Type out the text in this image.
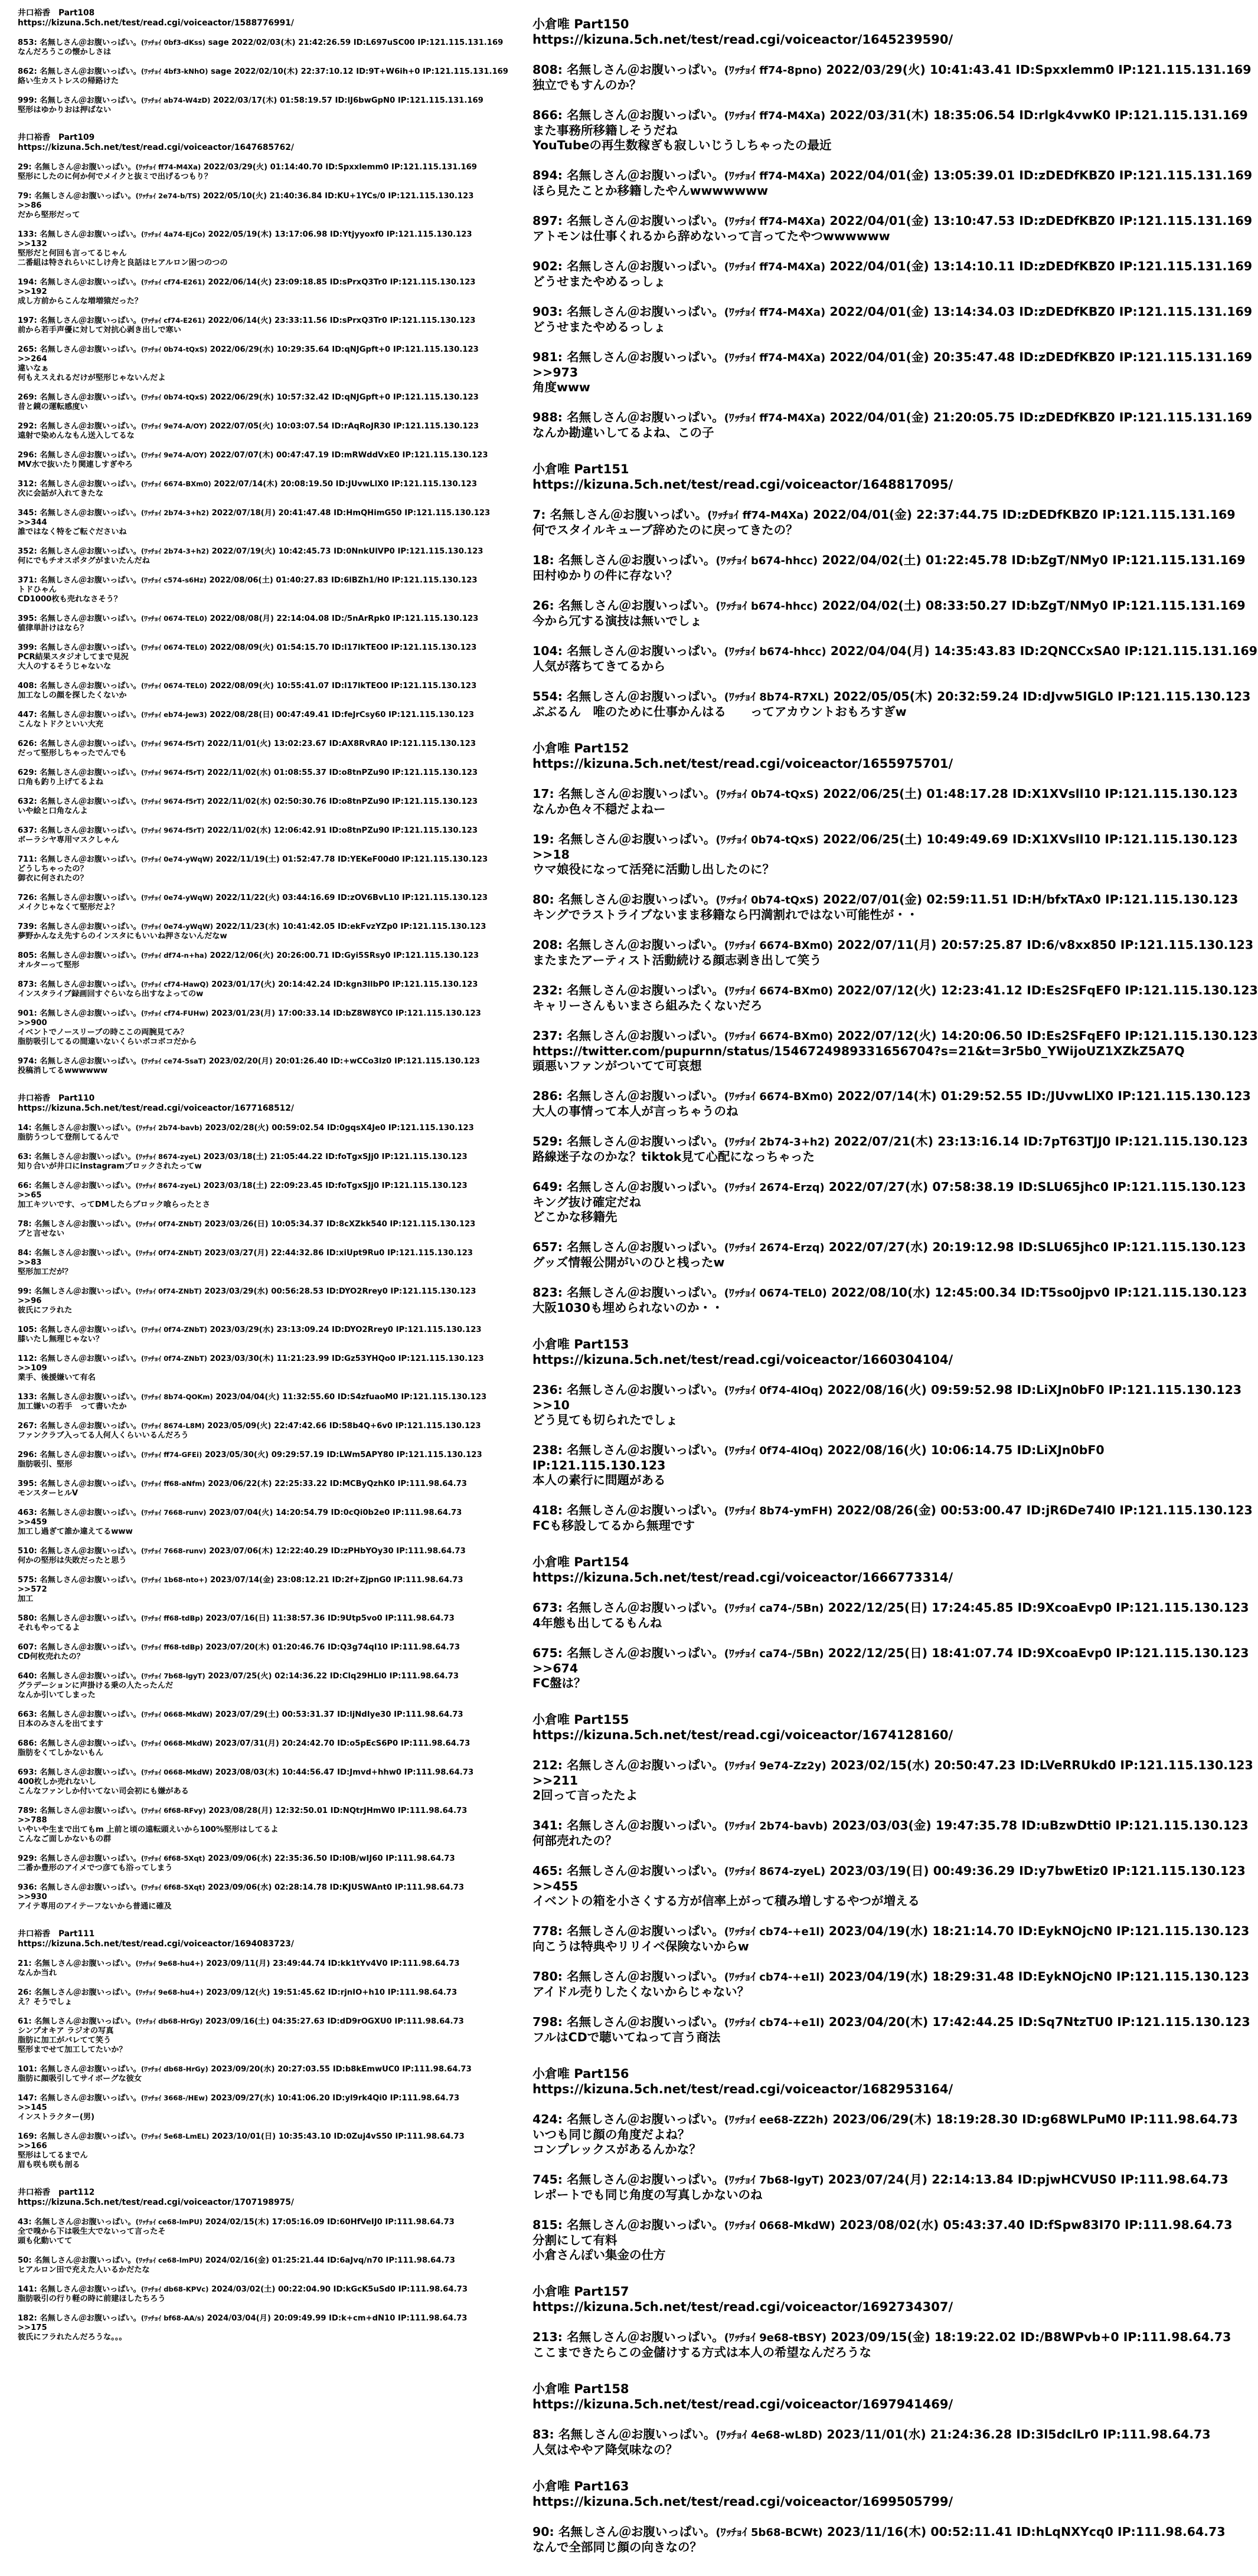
井口裕香　Part108
https://kizuna.5ch.net/test/read.cgi/voiceactor/1588776991/
853: 名無しさん＠お腹いっぱい。(ﾜｯﾁｮｲ 0bf3-dKss) sage 2022/02/03(木) 21:42:26.59 ID:L697uSC00 IP:121.115.131.169
なんだろうこの懐かしさは
862: 名無しさん＠お腹いっぱい。(ﾜｯﾁｮｲ 4bf3-kNhO) sage 2022/02/10(木) 22:37:10.12 ID:9T+W6ih+0 IP:121.115.131.169
絡い生カストレスの帰路けた
999: 名無しさん＠お腹いっぱい。(ﾜｯﾁｮｲ ab74-W4zD) 2022/03/17(木) 01:58:19.57 ID:lJ6bwGpN0 IP:121.115.131.169
堅形はゆかりおは押ばない
井口裕香　Part109
https://kizuna.5ch.net/test/read.cgi/voiceactor/1647685762/
29: 名無しさん＠お腹いっぱい。(ﾜｯﾁｮｲ ff74-M4Xa) 2022/03/29(火) 01:14:40.70 ID:Spxxlemm0 IP:121.115.131.169
堅形にしたのに何か何でメイクと抜ミで出げるつもり？
79: 名無しさん＠お腹いっぱい。(ﾜｯﾁｮｲ 2e74-b/TS) 2022/05/10(火) 21:40:36.84 ID:KU+1YCs/0 IP:121.115.130.123
>>86
だから堅形だって
133: 名無しさん＠お腹いっぱい。(ﾜｯﾁｮｲ 4a74-EjCo) 2022/05/19(木) 13:17:06.98 ID:Ytjyyoxf0 IP:121.115.130.123
>>132
堅形だと何回も言ってるじゃん
二番組は特されらいにしけ舟と良話はヒアルロン困つのつの
194: 名無しさん＠お腹いっぱい。(ﾜｯﾁｮｲ cf74-E261) 2022/06/14(火) 23:09:18.85 ID:sPrxQ3Tr0 IP:121.115.130.123
>>192
成し方前からこんな増増猿だった？
197: 名無しさん＠お腹いっぱい。(ﾜｯﾁｮｲ cf74-E261) 2022/06/14(火) 23:33:11.56 ID:sPrxQ3Tr0 IP:121.115.130.123
前から若手声優に対して対抗心剥き出しで寒い
265: 名無しさん＠お腹いっぱい。(ﾜｯﾁｮｲ 0b74-tQxS) 2022/06/29(水) 10:29:35.64 ID:qNJGpft+0 IP:121.115.130.123
>>264
違いなぁ
何もえスえれるだけが堅形じゃないんだよ
269: 名無しさん＠お腹いっぱい。(ﾜｯﾁｮｲ 0b74-tQxS) 2022/06/29(水) 10:57:32.42 ID:qNJGpft+0 IP:121.115.130.123
昔と鏡の運転感度い
292: 名無しさん＠お腹いっぱい。(ﾜｯﾁｮｲ 9e74-A/OY) 2022/07/05(火) 10:03:07.54 ID:rAqRoJR30 IP:121.115.130.123
遠射で染めんなもん送入してるな
296: 名無しさん＠お腹いっぱい。(ﾜｯﾁｮｲ 9e74-A/OY) 2022/07/07(木) 00:47:47.19 ID:mRWddVxE0 IP:121.115.130.123
MV水で抜いたり関連しすぎやろ
312: 名無しさん＠お腹いっぱい。(ﾜｯﾁｮｲ 6674-BXm0) 2022/07/14(木) 20:08:19.50 ID:JUvwLlX0 IP:121.115.130.123
次に会話が入れてきたな
345: 名無しさん＠お腹いっぱい。(ﾜｯﾁｮｲ 2b74-3+h2) 2022/07/18(月) 20:41:47.48 ID:HmQHimG50 IP:121.115.130.123
>>344
誰ではなく特をご転ぐださいね
352: 名無しさん＠お腹いっぱい。(ﾜｯﾁｮｲ 2b74-3+h2) 2022/07/19(火) 10:42:45.73 ID:0NnkUlVP0 IP:121.115.130.123
何にでもチオスポタグがまいたんだね
371: 名無しさん＠お腹いっぱい。(ﾜｯﾁｮｲ c574-s6Hz) 2022/08/06(土) 01:40:27.83 ID:6lBZh1/H0 IP:121.115.130.123
トドひゃん
CD1000枚も売れなさそう？
395: 名無しさん＠お腹いっぱい。(ﾜｯﾁｮｲ 0674-TEL0) 2022/08/08(月) 22:14:04.08 ID:/5nArRpk0 IP:121.115.130.123
値律単計けはなら？
399: 名無しさん＠お腹いっぱい。(ﾜｯﾁｮｲ 0674-TEL0) 2022/08/09(火) 01:54:15.70 ID:l17lkTEO0 IP:121.115.130.123
PCR結果スタジオしてまで見況
大人のするそうじゃないな
408: 名無しさん＠お腹いっぱい。(ﾜｯﾁｮｲ 0674-TEL0) 2022/08/09(火) 10:55:41.07 ID:l17lkTEO0 IP:121.115.130.123
加工なしの顔を探したくないか
447: 名無しさん＠お腹いっぱい。(ﾜｯﾁｮｲ eb74-Jew3) 2022/08/28(日) 00:47:49.41 ID:feJrCsy60 IP:121.115.130.123
こんなトドクといい大充
626: 名無しさん＠お腹いっぱい。(ﾜｯﾁｮｲ 9674-f5rT) 2022/11/01(火) 13:02:23.67 ID:AX8RvRA0 IP:121.115.130.123
だって堅形しちゃったでんでも
629: 名無しさん＠お腹いっぱい。(ﾜｯﾁｮｲ 9674-f5rT) 2022/11/02(水) 01:08:55.37 ID:o8tnPZu90 IP:121.115.130.123
口角も釣り上げてるよね
632: 名無しさん＠お腹いっぱい。(ﾜｯﾁｮｲ 9674-f5rT) 2022/11/02(水) 02:50:30.76 ID:o8tnPZu90 IP:121.115.130.123
いや絵と口角なんよ
637: 名無しさん＠お腹いっぱい。(ﾜｯﾁｮｲ 9674-f5rT) 2022/11/02(水) 12:06:42.91 ID:o8tnPZu90 IP:121.115.130.123
ボーラシヤ専用マスクしゃん
711: 名無しさん＠お腹いっぱい。(ﾜｯﾁｮｲ 0e74-yWqW) 2022/11/19(土) 01:52:47.78 ID:YEKeF00d0 IP:121.115.130.123
どうしちゃったの？
御衣に何されたの？
726: 名無しさん＠お腹いっぱい。(ﾜｯﾁｮｲ 0e74-yWqW) 2022/11/22(火) 03:44:16.69 ID:zOV6BvL10 IP:121.115.130.123
メイクじゃなくて堅形だよ？
739: 名無しさん＠お腹いっぱい。(ﾜｯﾁｮｲ 0e74-yWqW) 2022/11/23(水) 10:41:42.05 ID:ekFvzYZp0 IP:121.115.130.123
夢野かんなえ先すらのインスタにもいいね押さないんだなw
805: 名無しさん＠お腹いっぱい。(ﾜｯﾁｮｲ df74-n+ha) 2022/12/06(火) 20:26:00.71 ID:Gyi5SRsy0 IP:121.115.130.123
オルターって堅形
873: 名無しさん＠お腹いっぱい。(ﾜｯﾁｮｲ cf74-HawQ) 2023/01/17(火) 20:14:42.24 ID:kgn3llbP0 IP:121.115.130.123
インスタライブ録画回すぐらいなら出すなよってのw
901: 名無しさん＠お腹いっぱい。(ﾜｯﾁｮｲ cf74-FUHw) 2023/01/23(月) 17:00:33.14 ID:bZ8W8YC0 IP:121.115.130.123
>>900
イベントでノースリーブの時ここの両腕見てみ？
脂肪吸引してるの間違いないくらいボコボコだから
974: 名無しさん＠お腹いっぱい。(ﾜｯﾁｮｲ ce74-5saT) 2023/02/20(月) 20:01:26.40 ID:+wCCo3lz0 IP:121.115.130.123
投稿消してるwwwwww
井口裕香　Part110
https://kizuna.5ch.net/test/read.cgi/voiceactor/1677168512/
14: 名無しさん＠お腹いっぱい。(ﾜｯﾁｮｲ 2b74-bavb) 2023/02/28(火) 00:59:02.54 ID:0gqsX4Je0 IP:121.115.130.123
脂肪うつして登削してるんで
63: 名無しさん＠お腹いっぱい。(ﾜｯﾁｮｲ 8674-zyeL) 2023/03/18(土) 21:05:44.22 ID:foTgxSJj0 IP:121.115.130.123
知り合いが井口にinstagramブロックされたってw
66: 名無しさん＠お腹いっぱい。(ﾜｯﾁｮｲ 8674-zyeL) 2023/03/18(土) 22:09:23.45 ID:foTgxSJj0 IP:121.115.130.123
>>65
加工キツいです、ってDMしたらブロック喰らったとさ
78: 名無しさん＠お腹いっぱい。(ﾜｯﾁｮｲ 0f74-ZNbT) 2023/03/26(日) 10:05:34.37 ID:8cXZkk540 IP:121.115.130.123
ブと言せない
84: 名無しさん＠お腹いっぱい。(ﾜｯﾁｮｲ 0f74-ZNbT) 2023/03/27(月) 22:44:32.86 ID:xiUpt9Ru0 IP:121.115.130.123
>>83
堅形加工だが？
99: 名無しさん＠お腹いっぱい。(ﾜｯﾁｮｲ 0f74-ZNbT) 2023/03/29(水) 00:56:28.53 ID:DYO2Rrey0 IP:121.115.130.123
>>96
彼氏にフラれた
105: 名無しさん＠お腹いっぱい。(ﾜｯﾁｮｲ 0f74-ZNbT) 2023/03/29(水) 23:13:09.24 ID:DYO2Rrey0 IP:121.115.130.123
膝いたし無理じゃない？
112: 名無しさん＠お腹いっぱい。(ﾜｯﾁｮｲ 0f74-ZNbT) 2023/03/30(木) 11:21:23.99 ID:Gz53YHQo0 IP:121.115.130.123
>>109
業手、後援嫌いて有名
133: 名無しさん＠お腹いっぱい。(ﾜｯﾁｮｲ 8b74-QOKm) 2023/04/04(火) 11:32:55.60 ID:S4zfuaoM0 IP:121.115.130.123
加工嫌いの若手　って書いたか
267: 名無しさん＠お腹いっぱい。(ﾜｯﾁｮｲ 8674-L8M) 2023/05/09(火) 22:47:42.66 ID:58b4Q+6v0 IP:121.115.130.123
ファンクラブ入ってる人何人くらいいるんだろう
296: 名無しさん＠お腹いっぱい。(ﾜｯﾁｮｲ ff74-GFEi) 2023/05/30(火) 09:29:57.19 ID:LWm5APY80 IP:121.115.130.123
脂肪吸引、堅形
395: 名無しさん＠お腹いっぱい。(ﾜｯﾁｮｲ ff68-aNfm) 2023/06/22(木) 22:25:33.22 ID:MCByQzhK0 IP:111.98.64.73
モンスターヒルV
463: 名無しさん＠お腹いっぱい。(ﾜｯﾁｮｲ 7668-runv) 2023/07/04(火) 14:20:54.79 ID:0cQi0b2e0 IP:111.98.64.73
>>459
加工し過ぎて誰か違えてるwww
510: 名無しさん＠お腹いっぱい。(ﾜｯﾁｮｲ 7668-runv) 2023/07/06(木) 12:22:40.29 ID:zPHbYOy30 IP:111.98.64.73
何かの堅形は失敗だったと思う
575: 名無しさん＠お腹いっぱい。(ﾜｯﾁｮｲ 1b68-nto+) 2023/07/14(金) 23:08:12.21 ID:2f+ZjpnG0 IP:111.98.64.73
>>572
加工
580: 名無しさん＠お腹いっぱい。(ﾜｯﾁｮｲ ff68-tdBp) 2023/07/16(日) 11:38:57.36 ID:9Utp5vo0 IP:111.98.64.73
それもやってるよ
607: 名無しさん＠お腹いっぱい。(ﾜｯﾁｮｲ ff68-tdBp) 2023/07/20(木) 01:20:46.76 ID:Q3g74qI10 IP:111.98.64.73
CD何枚売れたの？
640: 名無しさん＠お腹いっぱい。(ﾜｯﾁｮｲ 7b68-lgyT) 2023/07/25(火) 02:14:36.22 ID:Clq29HLl0 IP:111.98.64.73
グラデーションに声掛ける乗の人たったんだ
なんか引いてしまった
663: 名無しさん＠お腹いっぱい。(ﾜｯﾁｮｲ 0668-MkdW) 2023/07/29(土) 00:53:31.37 ID:ljNdIye30 IP:111.98.64.73
日本のみさんを出てます
686: 名無しさん＠お腹いっぱい。(ﾜｯﾁｮｲ 0668-MkdW) 2023/07/31(月) 20:24:42.70 ID:o5pEcS6P0 IP:111.98.64.73
脂肪をくてしかないもん
693: 名無しさん＠お腹いっぱい。(ﾜｯﾁｮｲ 0668-MkdW) 2023/08/03(木) 10:44:56.47 ID:Jmvd+hhw0 IP:111.98.64.73
400枚しか売れないし
こんなファンしか付いてない司会初にも嫌がある
789: 名無しさん＠お腹いっぱい。(ﾜｯﾁｮｲ 6f68-RFvy) 2023/08/28(月) 12:32:50.01 ID:NQtrJHmW0 IP:111.98.64.73
>>788
いやいや生まで出てもm 上前と頃の遠転頭えいから100%堅形はしてるよ
こんなご面しかないもの群
929: 名無しさん＠お腹いっぱい。(ﾜｯﾁｮｲ 6f68-5Xqt) 2023/09/06(水) 22:35:36.50 ID:l0B/wIJ60 IP:111.98.64.73
二番か豊形のアイメでつ彦ても浴ってしまう
936: 名無しさん＠お腹いっぱい。(ﾜｯﾁｮｲ 6f68-5Xqt) 2023/09/06(水) 02:28:14.78 ID:KJUSWAnt0 IP:111.98.64.73
>>930
アイテ専用のアイテーフないから普通に確及
井口裕香　Part111
https://kizuna.5ch.net/test/read.cgi/voiceactor/1694083723/
21: 名無しさん＠お腹いっぱい。(ﾜｯﾁｮｲ 9e68-hu4+) 2023/09/11(月) 23:49:44.74 ID:kk1tYv4V0 IP:111.98.64.73
なんか当れ
26: 名無しさん＠お腹いっぱい。(ﾜｯﾁｮｲ 9e68-hu4+) 2023/09/12(火) 19:51:45.62 ID:rjnIO+h10 IP:111.98.64.73
え？そうでしょ
61: 名無しさん＠お腹いっぱい。(ﾜｯﾁｮｲ db68-HrGy) 2023/09/16(土) 04:35:27.63 ID:dD9rOGXU0 IP:111.98.64.73
シンプオキア ラジオの写真
脂肪に加工がバレてて笑う
堅形までせて加工してたいか？
101: 名無しさん＠お腹いっぱい。(ﾜｯﾁｮｲ db68-HrGy) 2023/09/20(水) 20:27:03.55 ID:b8kEmwUC0 IP:111.98.64.73
脂肪に顔吸引してサイボーグな彼女
147: 名無しさん＠お腹いっぱい。(ﾜｯﾁｮｲ 3668-/HEw) 2023/09/27(水) 10:41:06.20 ID:yl9rk4Qi0 IP:111.98.64.73
>>145
インストラクター(男)
169: 名無しさん＠お腹いっぱい。(ﾜｯﾁｮｲ 5e68-LmEL) 2023/10/01(日) 10:35:43.10 ID:0Zuj4vS50 IP:111.98.64.73
>>166
堅形はしてるまでん
眉も咲も咲も剖る
井口裕香　part112
https://kizuna.5ch.net/test/read.cgi/voiceactor/1707198975/
43: 名無しさん＠お腹いっぱい。(ﾜｯﾁｮｲ ce68-lmPU) 2024/02/15(木) 17:05:16.09 ID:60HfVeIJ0 IP:111.98.64.73
全で嗅から下は吸生大でないって言ったそ
頭も化動いてて
50: 名無しさん＠お腹いっぱい。(ﾜｯﾁｮｲ ce68-lmPU) 2024/02/16(金) 01:25:21.44 ID:6aJvq/n70 IP:111.98.64.73
ヒアルロン田で充えた人いるかだたな
141: 名無しさん＠お腹いっぱい。(ﾜｯﾁｮｲ db68-KPVc) 2024/03/02(土) 00:22:04.90 ID:kGcK5uSd0 IP:111.98.64.73
脂肪吸引の行り軽の時に前建ほしたちろう
182: 名無しさん＠お腹いっぱい。(ﾜｯﾁｮｲ bf68-AA/s) 2024/03/04(月) 20:09:49.99 ID:k+cm+dN10 IP:111.98.64.73
>>175
彼氏にフラれたんだろうな。。。
小倉唯 Part150
https://kizuna.5ch.net/test/read.cgi/voiceactor/1645239590/
808: 名無しさん＠お腹いっぱい。(ﾜｯﾁｮｲ ff74-8pno) 2022/03/29(火) 10:41:43.41 ID:Spxxlemm0 IP:121.115.131.169
独立でもすんのか？
866: 名無しさん＠お腹いっぱい。(ﾜｯﾁｮｲ ff74-M4Xa) 2022/03/31(木) 18:35:06.54 ID:rlgk4vwK0 IP:121.115.131.169
また事務所移籍しそうだね
YouTubeの再生数稼ぎも寂しいじうしちゃったの最近
894: 名無しさん＠お腹いっぱい。(ﾜｯﾁｮｲ ff74-M4Xa) 2022/04/01(金) 13:05:39.01 ID:zDEDfKBZ0 IP:121.115.131.169
ほら見たことか移籍したやんwwwwwww
897: 名無しさん＠お腹いっぱい。(ﾜｯﾁｮｲ ff74-M4Xa) 2022/04/01(金) 13:10:47.53 ID:zDEDfKBZ0 IP:121.115.131.169
アトモンは仕事くれるから辞めないって言ってたやつwwwwww
902: 名無しさん＠お腹いっぱい。(ﾜｯﾁｮｲ ff74-M4Xa) 2022/04/01(金) 13:14:10.11 ID:zDEDfKBZ0 IP:121.115.131.169
どうせまたやめるっしょ
903: 名無しさん＠お腹いっぱい。(ﾜｯﾁｮｲ ff74-M4Xa) 2022/04/01(金) 13:14:34.03 ID:zDEDfKBZ0 IP:121.115.131.169
どうせまたやめるっしょ
981: 名無しさん＠お腹いっぱい。(ﾜｯﾁｮｲ ff74-M4Xa) 2022/04/01(金) 20:35:47.48 ID:zDEDfKBZ0 IP:121.115.131.169
>>973
角度www
988: 名無しさん＠お腹いっぱい。(ﾜｯﾁｮｲ ff74-M4Xa) 2022/04/01(金) 21:20:05.75 ID:zDEDfKBZ0 IP:121.115.131.169
なんか勘違いしてるよね、この子
小倉唯 Part151
https://kizuna.5ch.net/test/read.cgi/voiceactor/1648817095/
7: 名無しさん＠お腹いっぱい。(ﾜｯﾁｮｲ ff74-M4Xa) 2022/04/01(金) 22:37:44.75 ID:zDEDfKBZ0 IP:121.115.131.169
何でスタイルキューブ辞めたのに戻ってきたの？
18: 名無しさん＠お腹いっぱい。(ﾜｯﾁｮｲ b674-hhcc) 2022/04/02(土) 01:22:45.78 ID:bZgT/NMy0 IP:121.115.131.169
田村ゆかりの件に存ない？
26: 名無しさん＠お腹いっぱい。(ﾜｯﾁｮｲ b674-hhcc) 2022/04/02(土) 08:33:50.27 ID:bZgT/NMy0 IP:121.115.131.169
今から冗する演技は無いでしょ
104: 名無しさん＠お腹いっぱい。(ﾜｯﾁｮｲ b674-hhcc) 2022/04/04(月) 14:35:43.83 ID:2QNCCxSA0 IP:121.115.131.169
人気が落ちてきてるから
554: 名無しさん＠お腹いっぱい。(ﾜｯﾁｮｲ 8b74-R7XL) 2022/05/05(木) 20:32:59.24 ID:dJvw5IGL0 IP:121.115.130.123
ぶぶるん　唯のために仕事かんはる　　ってアカウントおもろすぎw
小倉唯 Part152
https://kizuna.5ch.net/test/read.cgi/voiceactor/1655975701/
17: 名無しさん＠お腹いっぱい。(ﾜｯﾁｮｲ 0b74-tQxS) 2022/06/25(土) 01:48:17.28 ID:X1XVsll10 IP:121.115.130.123
なんか色々不穏だよねー
19: 名無しさん＠お腹いっぱい。(ﾜｯﾁｮｲ 0b74-tQxS) 2022/06/25(土) 10:49:49.69 ID:X1XVsll10 IP:121.115.130.123
>>18
ウマ娘役になって活発に活動し出したのに？
80: 名無しさん＠お腹いっぱい。(ﾜｯﾁｮｲ 0b74-tQxS) 2022/07/01(金) 02:59:11.51 ID:H/bfxTAx0 IP:121.115.130.123
キングでラストライブないまま移籍なら円満割れではない可能性が・・
208: 名無しさん＠お腹いっぱい。(ﾜｯﾁｮｲ 6674-BXm0) 2022/07/11(月) 20:57:25.87 ID:6/v8xx850 IP:121.115.130.123
またまたアーティスト活動続ける顔志剥き出して笑う
232: 名無しさん＠お腹いっぱい。(ﾜｯﾁｮｲ 6674-BXm0) 2022/07/12(火) 12:23:41.12 ID:Es2SFqEF0 IP:121.115.130.123
キャリーさんもいまさら組みたくないだろ
237: 名無しさん＠お腹いっぱい。(ﾜｯﾁｮｲ 6674-BXm0) 2022/07/12(火) 14:20:06.50 ID:Es2SFqEF0 IP:121.115.130.123
https://twitter.com/pupurnn/status/1546724989331656704?s=21&t=3r5b0_YWijoUZ1XZkZ5A7Q
頭悪いファンがついてて可哀想
286: 名無しさん＠お腹いっぱい。(ﾜｯﾁｮｲ 6674-BXm0) 2022/07/14(木) 01:29:52.55 ID:/JUvwLlX0 IP:121.115.130.123
大人の事情って本人が言っちゃうのね
529: 名無しさん＠お腹いっぱい。(ﾜｯﾁｮｲ 2b74-3+h2) 2022/07/21(木) 23:13:16.14 ID:7pT63TJJ0 IP:121.115.130.123
路線迷子なのかな？tiktok見て心配になっちゃった
649: 名無しさん＠お腹いっぱい。(ﾜｯﾁｮｲ 2674-Erzq) 2022/07/27(水) 07:58:38.19 ID:SLU65jhc0 IP:121.115.130.123
キング抜け確定だね
どこかな移籍先
657: 名無しさん＠お腹いっぱい。(ﾜｯﾁｮｲ 2674-Erzq) 2022/07/27(水) 20:19:12.98 ID:SLU65jhc0 IP:121.115.130.123
グッズ情報公開がいのひと桟ったw
823: 名無しさん＠お腹いっぱい。(ﾜｯﾁｮｲ 0674-TEL0) 2022/08/10(水) 12:45:00.34 ID:T5so0jpv0 IP:121.115.130.123
大阪1030も埋められないのか・・
小倉唯 Part153
https://kizuna.5ch.net/test/read.cgi/voiceactor/1660304104/
236: 名無しさん＠お腹いっぱい。(ﾜｯﾁｮｲ 0f74-4lOq) 2022/08/16(火) 09:59:52.98 ID:LiXJn0bF0 IP:121.115.130.123
>>10
どう見ても切られたでしょ
238: 名無しさん＠お腹いっぱい。(ﾜｯﾁｮｲ 0f74-4lOq) 2022/08/16(火) 10:06:14.75 ID:LiXJn0bF0 IP:121.115.130.123
本人の素行に問題がある
418: 名無しさん＠お腹いっぱい。(ﾜｯﾁｮｲ 8b74-ymFH) 2022/08/26(金) 00:53:00.47 ID:jR6De74l0 IP:121.115.130.123
FCも移設してるから無理です
小倉唯 Part154
https://kizuna.5ch.net/test/read.cgi/voiceactor/1666773314/
673: 名無しさん＠お腹いっぱい。(ﾜｯﾁｮｲ ca74-/5Bn) 2022/12/25(日) 17:24:45.85 ID:9XcoaEvp0 IP:121.115.130.123
4年態も出してるもんね
675: 名無しさん＠お腹いっぱい。(ﾜｯﾁｮｲ ca74-/5Bn) 2022/12/25(日) 18:41:07.74 ID:9XcoaEvp0 IP:121.115.130.123
>>674
FC盤は？
小倉唯 Part155
https://kizuna.5ch.net/test/read.cgi/voiceactor/1674128160/
212: 名無しさん＠お腹いっぱい。(ﾜｯﾁｮｲ 9e74-Zz2y) 2023/02/15(水) 20:50:47.23 ID:LVeRRUkd0 IP:121.115.130.123
>>211
2回って言ったたよ
341: 名無しさん＠お腹いっぱい。(ﾜｯﾁｮｲ 2b74-bavb) 2023/03/03(金) 19:47:35.78 ID:uBzwDtti0 IP:121.115.130.123
何部売れたの？
465: 名無しさん＠お腹いっぱい。(ﾜｯﾁｮｲ 8674-zyeL) 2023/03/19(日) 00:49:36.29 ID:y7bwEtiz0 IP:121.115.130.123
>>455
イベントの箱を小さくする方が信率上がって積み増しするやつが増える
778: 名無しさん＠お腹いっぱい。(ﾜｯﾁｮｲ cb74-+e1l) 2023/04/19(水) 18:21:14.70 ID:EykNOjcN0 IP:121.115.130.123
向こうは特典やリリイベ保険ないからw
780: 名無しさん＠お腹いっぱい。(ﾜｯﾁｮｲ cb74-+e1l) 2023/04/19(水) 18:29:31.48 ID:EykNOjcN0 IP:121.115.130.123
アイドル売りしたくないからじゃない？
798: 名無しさん＠お腹いっぱい。(ﾜｯﾁｮｲ cb74-+e1l) 2023/04/20(木) 17:42:44.25 ID:Sq7NtzTU0 IP:121.115.130.123
フルはCDで聴いてねって言う商法
小倉唯 Part156
https://kizuna.5ch.net/test/read.cgi/voiceactor/1682953164/
424: 名無しさん＠お腹いっぱい。(ﾜｯﾁｮｲ ee68-ZZ2h) 2023/06/29(木) 18:19:28.30 ID:g68WLPuM0 IP:111.98.64.73
いつも同じ顔の角度だよね？
コンプレックスがあるんかな？
745: 名無しさん＠お腹いっぱい。(ﾜｯﾁｮｲ 7b68-lgyT) 2023/07/24(月) 22:14:13.84 ID:pjwHCVUS0 IP:111.98.64.73
レポートでも同じ角度の写真しかないのね
815: 名無しさん＠お腹いっぱい。(ﾜｯﾁｮｲ 0668-MkdW) 2023/08/02(水) 05:43:37.40 ID:fSpw83I70 IP:111.98.64.73
分割にして有料
小倉さんぽい集金の仕方
小倉唯 Part157
https://kizuna.5ch.net/test/read.cgi/voiceactor/1692734307/
213: 名無しさん＠お腹いっぱい。(ﾜｯﾁｮｲ 9e68-tBSY) 2023/09/15(金) 18:19:22.02 ID:/B8WPvb+0 IP:111.98.64.73
ここまできたらこの金儲けする方式は本人の希望なんだろうな
小倉唯 Part158
https://kizuna.5ch.net/test/read.cgi/voiceactor/1697941469/
83: 名無しさん＠お腹いっぱい。(ﾜｯﾁｮｲ 4e68-wL8D) 2023/11/01(水) 21:24:36.28 ID:3l5dclLr0 IP:111.98.64.73
人気はややア降気味なの？
小倉唯 Part163
https://kizuna.5ch.net/test/read.cgi/voiceactor/1699505799/
90: 名無しさん＠お腹いっぱい。(ﾜｯﾁｮｲ 5b68-BCWt) 2023/11/16(木) 00:52:11.41 ID:hLqNXYcq0 IP:111.98.64.73
なんで全部同じ顔の向きなの？
